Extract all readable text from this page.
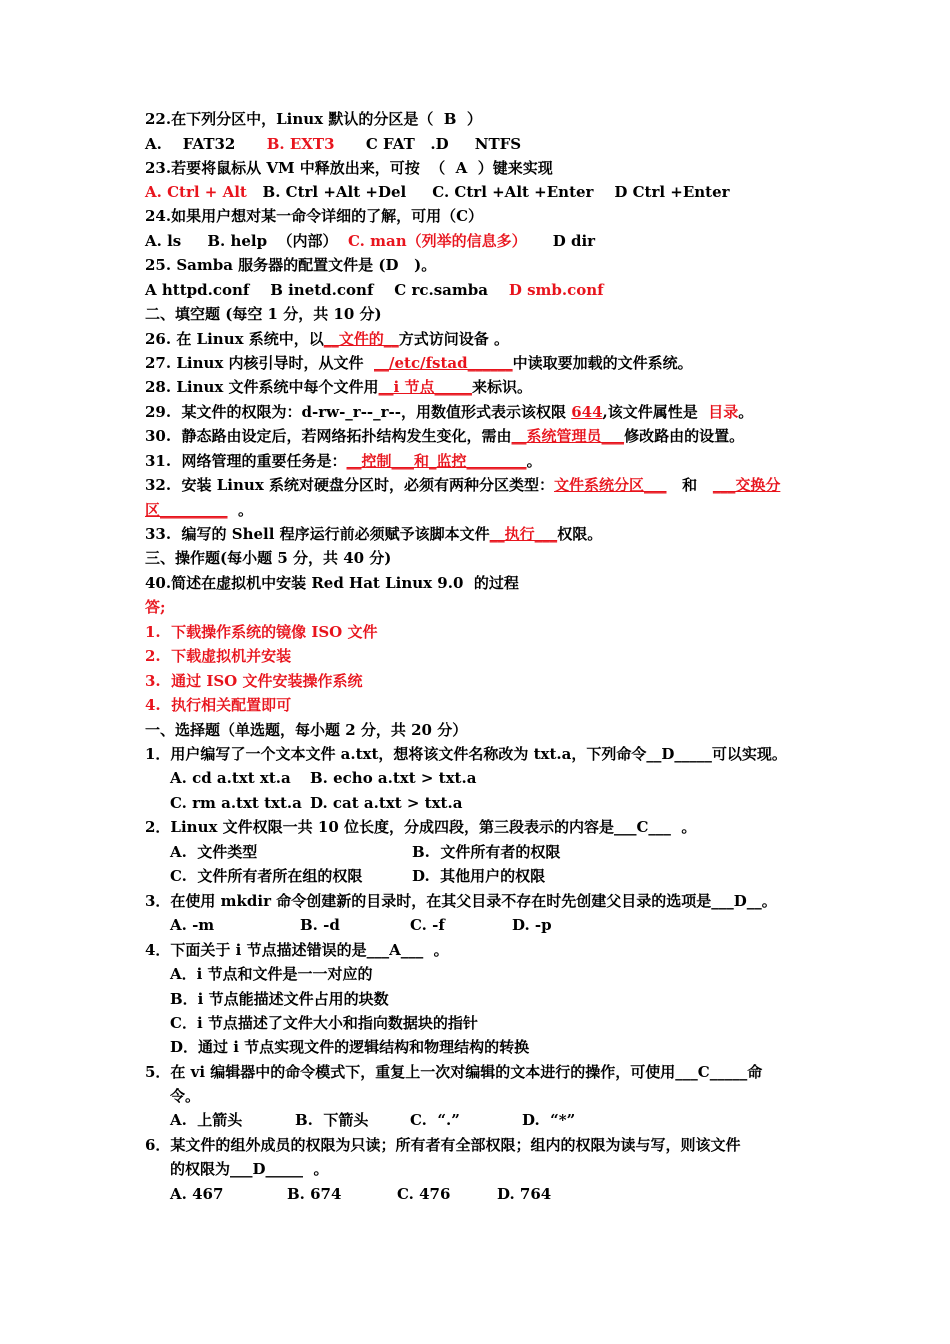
22.在下列分区中，Linux 默认的分区是（  B  ）
A.    FAT32      B. EXT3      C FAT   .D     NTFS
23.若要将鼠标从 VM 中释放出来，可按  （  A  ）键来实现
A. Ctrl + Alt   B. Ctrl +Alt +Del     C. Ctrl +Alt +Enter    D Ctrl +Enter
24.如果用户想对某一命令详细的了解，可用（C）
A. ls     B. help  （内部）  C. man（列举的信息多）     D dir
25. Samba 服务器的配置文件是 (D   )。
A httpd.conf    B inetd.conf    C rc.samba    D smb.conf
二、填空题 (每空 1 分，共 10 分)
26. 在 Linux 系统中，以__文件的__方式访问设备 。
27. Linux 内核引导时，从文件  __/etc/fstad______中读取要加载的文件系统。
28. Linux 文件系统中每个文件用__i 节点_____来标识。
29.  某文件的权限为：d-rw-_r--_r--，用数值形式表示该权限 644,该文件属性是  目录。
30.  静态路由设定后，若网络拓扑结构发生变化，需由__系统管理员___修改路由的设置。
31.  网络管理的重要任务是：__控制___和_监控________。
32.  安装 Linux 系统对硬盘分区时，必须有两种分区类型：文件系统分区___   和   ___交换分
区_________  。
33.  编写的 Shell 程序运行前必须赋予该脚本文件__执行___权限。
三、操作题(每小题 5 分，共 40 分)
40.简述在虚拟机中安装 Red Hat Linux 9.0  的过程
答;
1.  下载操作系统的镜像 ISO 文件
2.  下载虚拟机并安装
3.  通过 ISO 文件安装操作系统
4.  执行相关配置即可
一、选择题（单选题，每小题 2 分，共 20 分）
1．用户编写了一个文本文件 a.txt，想将该文件名称改为 txt.a，下列命令__D_____可以实现。
2．Linux 文件权限一共 10 位长度，分成四段，第三段表示的内容是___C___  。
3．在使用 mkdir 命令创建新的目录时，在其父目录不存在时先创建父目录的选项是___D__。
4．下面关于 i 节点描述错误的是___A___  。
A．i 节点和文件是一一对应的
B．i 节点能描述文件占用的块数
C．i 节点描述了文件大小和指向数据块的指针
D．通过 i 节点实现文件的逻辑结构和物理结构的转换
5．在 vi 编辑器中的命令模式下，重复上一次对编辑的文本进行的操作，可使用___C_____命
令。
6．某文件的组外成员的权限为只读；所有者有全部权限；组内的权限为读与写，则该文件
的权限为___D_____  。
A. cd a.txt xt.a B. echo a.txt > txt.a
C. rm a.txt txt.a D. cat a.txt > txt.a
A.  文件类型	B.  文件所有者的权限
C.  文件所有者所在组的权限	D.  其他用户的权限
A. -m	B. -d	C. -f	D. -p
A.  上箭头	B.  下箭头	C.  “.”	D.  “*”
A. 467	B. 674	C. 476	D. 764
